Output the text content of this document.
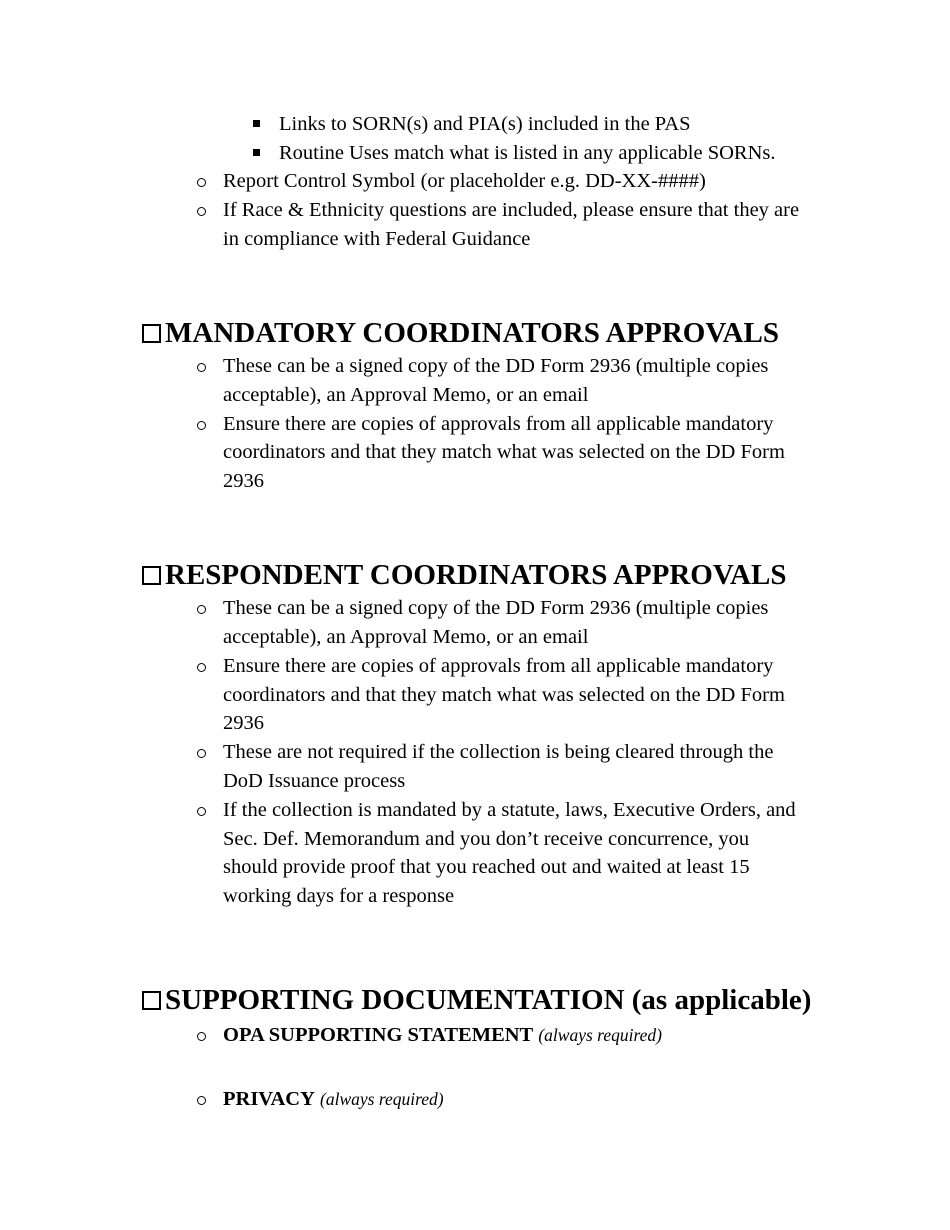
Links to SORN(s) and PIA(s) included in the PAS
Routine Uses match what is listed in any applicable SORNs.
Report Control Symbol (or placeholder e.g. DD-XX-####)
If Race & Ethnicity questions are included, please ensure that they are
in compliance with Federal Guidance
MANDATORY COORDINATORS APPROVALS
These can be a signed copy of the DD Form 2936 (multiple copies
acceptable), an Approval Memo, or an email
Ensure there are copies of approvals from all applicable mandatory
coordinators and that they match what was selected on the DD Form
2936
RESPONDENT COORDINATORS APPROVALS
These can be a signed copy of the DD Form 2936 (multiple copies
acceptable), an Approval Memo, or an email
Ensure there are copies of approvals from all applicable mandatory
coordinators and that they match what was selected on the DD Form
2936
These are not required if the collection is being cleared through the
DoD Issuance process
If the collection is mandated by a statute, laws, Executive Orders, and
Sec. Def. Memorandum and you don’t receive concurrence, you
should provide proof that you reached out and waited at least 15
working days for a response
SUPPORTING DOCUMENTATION (as applicable)
OPA SUPPORTING STATEMENT (always required)
PRIVACY (always required)
